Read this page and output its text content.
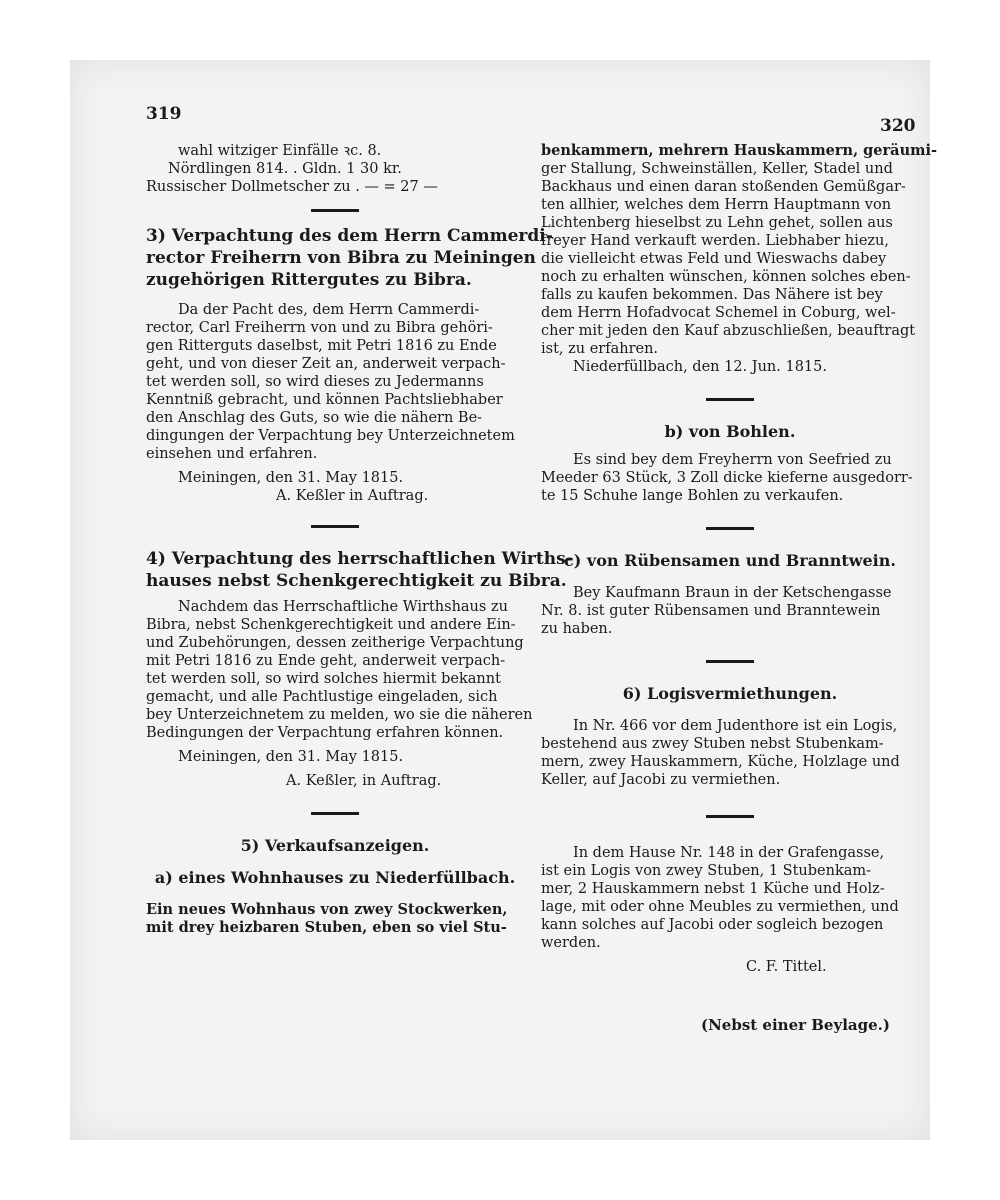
319
320
wahl witziger Einfälle ꝛc. 8.
Nördlingen 814. . Gldn. 1 30 kr.
Russischer Dollmetscher zu . — = 27 —
3) Verpachtung des dem Herrn Cammerdi-
rector Freiherrn von Bibra zu Meiningen
zugehörigen Rittergutes zu Bibra.
Da der Pacht des, dem Herrn Cammerdi-
rector, Carl Freiherrn von und zu Bibra gehöri-
gen Ritterguts daselbst, mit Petri 1816 zu Ende
geht, und von dieser Zeit an, anderweit verpach-
tet werden soll, so wird dieses zu Jedermanns
Kenntniß gebracht, und können Pachtsliebhaber
den Anschlag des Guts, so wie die nähern Be-
dingungen der Verpachtung bey Unterzeichnetem
einsehen und erfahren.
Meiningen, den 31. May 1815.
A. Keßler in Auftrag.
4) Verpachtung des herrschaftlichen Wirths-
hauses nebst Schenkgerechtigkeit zu Bibra.
Nachdem das Herrschaftliche Wirthshaus zu
Bibra, nebst Schenkgerechtigkeit und andere Ein-
und Zubehörungen, dessen zeitherige Verpachtung
mit Petri 1816 zu Ende geht, anderweit verpach-
tet werden soll, so wird solches hiermit bekannt
gemacht, und alle Pachtlustige eingeladen, sich
bey Unterzeichnetem zu melden, wo sie die näheren
Bedingungen der Verpachtung erfahren können.
Meiningen, den 31. May 1815.
A. Keßler, in Auftrag.
5) Verkaufsanzeigen.
a) eines Wohnhauses zu Niederfüllbach.
Ein neues Wohnhaus von zwey Stockwerken,
mit drey heizbaren Stuben, eben so viel Stu-
benkammern, mehrern Hauskammern, geräumi-
ger Stallung, Schweinställen, Keller, Stadel und
Backhaus und einen daran stoßenden Gemüßgar-
ten allhier, welches dem Herrn Hauptmann von
Lichtenberg hieselbst zu Lehn gehet, sollen aus
freyer Hand verkauft werden. Liebhaber hiezu,
die vielleicht etwas Feld und Wieswachs dabey
noch zu erhalten wünschen, können solches eben-
falls zu kaufen bekommen. Das Nähere ist bey
dem Herrn Hofadvocat Schemel in Coburg, wel-
cher mit jeden den Kauf abzuschließen, beauftragt
ist, zu erfahren.
Niederfüllbach, den 12. Jun. 1815.
b) von Bohlen.
Es sind bey dem Freyherrn von Seefried zu
Meeder 63 Stück, 3 Zoll dicke kieferne ausgedorr-
te 15 Schuhe lange Bohlen zu verkaufen.
c) von Rübensamen und Branntwein.
Bey Kaufmann Braun in der Ketschengasse
Nr. 8. ist guter Rübensamen und Branntewein
zu haben.
6) Logisvermiethungen.
In Nr. 466 vor dem Judenthore ist ein Logis,
bestehend aus zwey Stuben nebst Stubenkam-
mern, zwey Hauskammern, Küche, Holzlage und
Keller, auf Jacobi zu vermiethen.
In dem Hause Nr. 148 in der Grafengasse,
ist ein Logis von zwey Stuben, 1 Stubenkam-
mer, 2 Hauskammern nebst 1 Küche und Holz-
lage, mit oder ohne Meubles zu vermiethen, und
kann solches auf Jacobi oder sogleich bezogen
werden.
C. F. Tittel.
(Nebst einer Beylage.)
